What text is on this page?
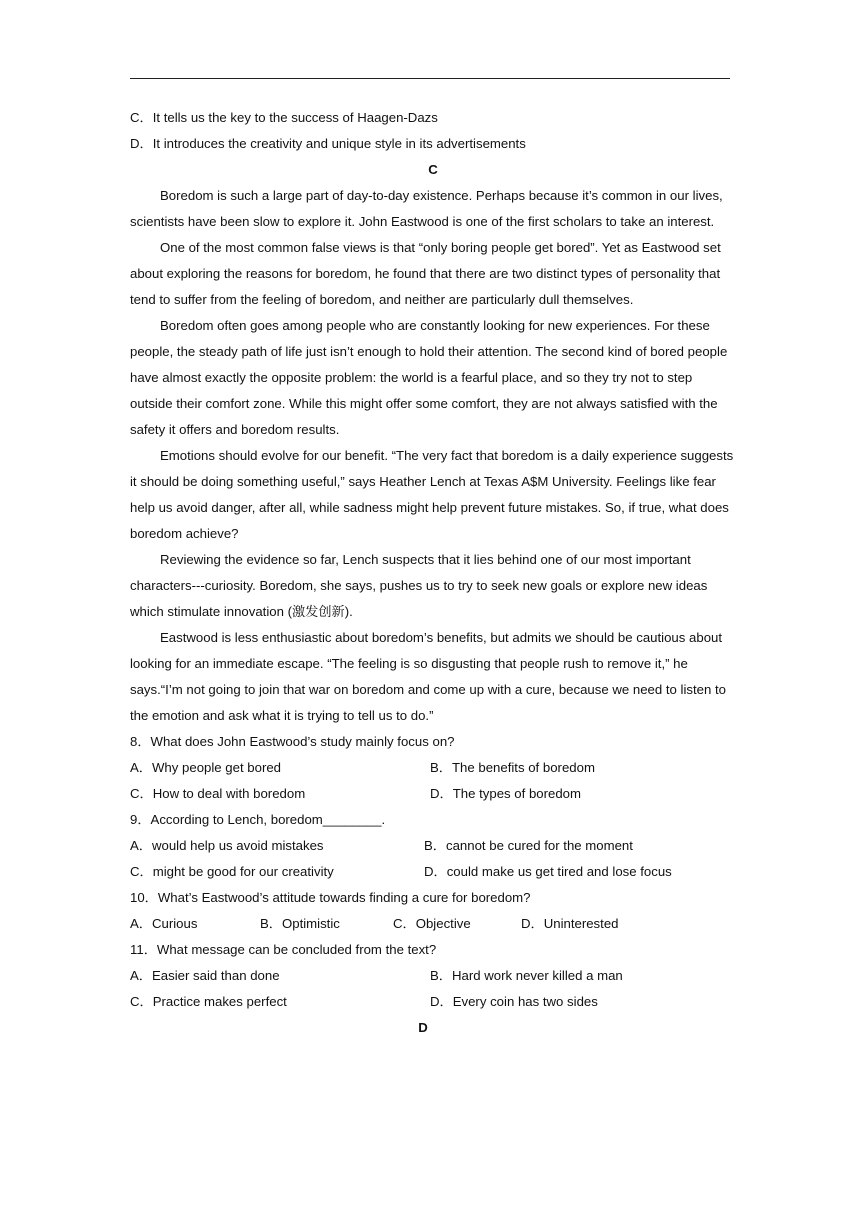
C．It tells us the key to the success of Haagen-Dazs
D．It introduces the creativity and unique style in its advertisements
C

Boredom is such a large part of day-to-day existence. Perhaps because it’s common in our lives, scientists have been slow to explore it. John Eastwood is one of the first scholars to take an interest.

One of the most common false views is that “only boring people get bored”. Yet as Eastwood set about exploring the reasons for boredom, he found that there are two distinct types of personality that tend to suffer from the feeling of boredom, and neither are particularly dull themselves.

Boredom often goes among people who are constantly looking for new experiences. For these people, the steady path of life just isn’t enough to hold their attention. The second kind of bored people have almost exactly the opposite problem: the world is a fearful place, and so they try not to step outside their comfort zone. While this might offer some comfort, they are not always satisfied with the safety it offers and boredom results.

Emotions should evolve for our benefit. “The very fact that boredom is a daily experience suggests it should be doing something useful,” says Heather Lench at Texas A$M University. Feelings like fear help us avoid danger, after all, while sadness might help prevent future mistakes. So, if true, what does boredom achieve?

Reviewing the evidence so far, Lench suspects that it lies behind one of our most important characters---curiosity. Boredom, she says, pushes us to try to seek new goals or explore new ideas which stimulate innovation (激发创新).

Eastwood is less enthusiastic about boredom’s benefits, but admits we should be cautious about looking for an immediate escape. “The feeling is so disgusting that people rush to remove it,” he says.“I’m not going to join that war on boredom and come up with a cure, because we need to listen to the emotion and ask what it is trying to tell us to do.”

8．What does John Eastwood’s study mainly focus on?
A．Why people get bored	B．The benefits of boredom
C．How to deal with boredom	D．The types of boredom
9．According to Lench, boredom________.
A．would help us avoid mistakes	B．cannot be cured for the moment
C．might be good for our creativity	D．could make us get tired and lose focus
10．What’s Eastwood’s attitude towards finding a cure for boredom?
A．Curious	B．Optimistic	C．Objective	D．Uninterested
11．What message can be concluded from the text?
A．Easier said than done	B．Hard work never killed a man
C．Practice makes perfect	D．Every coin has two sides
D
